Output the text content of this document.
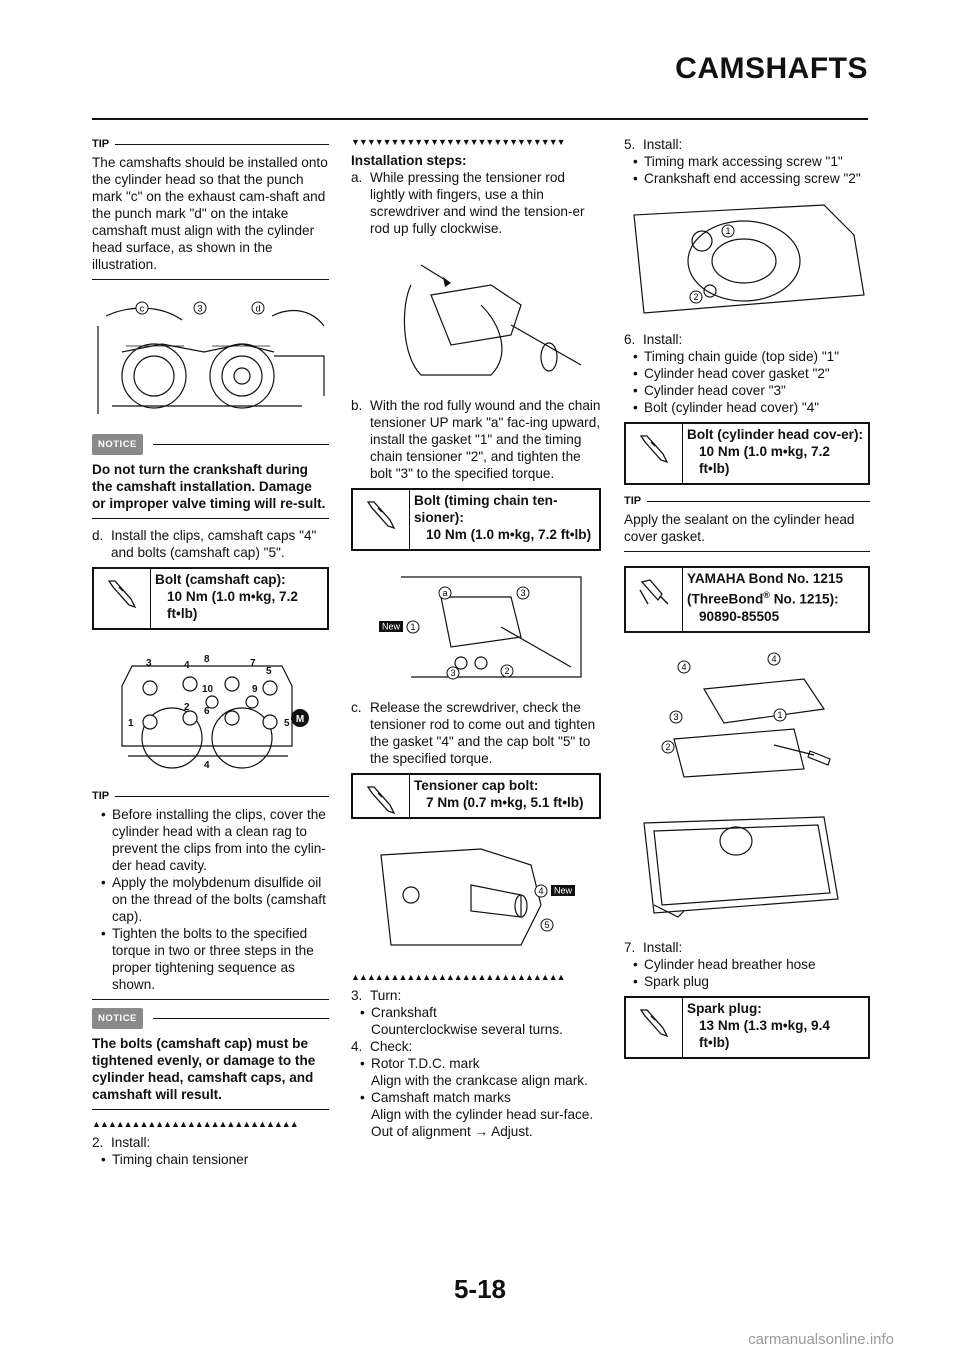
CAMSHAFTS
TIP
The camshafts should be installed onto the cylinder head so that the punch mark "c" on the exhaust cam-shaft and the punch mark "d" on the intake camshaft must align with the cylinder head surface, as shown in the illustration.
c	3	d
NOTICE
Do not turn the crankshaft during the camshaft installation. Damage or improper valve timing will re-sult.
d. Install the clips, camshaft caps "4" and bolts (camshaft cap) "5".
Bolt (camshaft cap):
10 Nm (1.0 m•kg, 7.2 ft•lb)
3	4
8	7
5
10	9
2 6
1	5
4
M
TIP
• Before installing the clips, cover the cylinder head with a clean rag to prevent the clips from into the cylin-der head cavity.
• Apply the molybdenum disulfide oil on the thread of the bolts (camshaft cap).
• Tighten the bolts to the specified torque in two or three steps in the proper tightening sequence as shown.
NOTICE
The bolts (camshaft cap) must be tightened evenly, or damage to the cylinder head, camshaft caps, and camshaft will result.
▲▲▲▲▲▲▲▲▲▲▲▲▲▲▲▲▲▲▲▲▲▲▲▲▲▲
2. Install:
• Timing chain tensioner
▼▼▼▼▼▼▼▼▼▼▼▼▼▼▼▼▼▼▼▼▼▼▼▼▼▼▼
Installation steps:
a. While pressing the tensioner rod lightly with fingers, use a thin screwdriver and wind the tension-er rod up fully clockwise.
b. With the rod fully wound and the chain tensioner UP mark "a" fac-ing upward, install the gasket "1" and the timing chain tensioner "2", and tighten the bolt "3" to the specified torque.
Bolt (timing chain ten-sioner):
10 Nm (1.0 m•kg, 7.2 ft•lb)
a	3
New 1
3	2
c. Release the screwdriver, check the tensioner rod to come out and tighten the gasket "4" and the cap bolt "5" to the specified torque.
Tensioner cap bolt:
7 Nm (0.7 m•kg, 5.1 ft•lb)
4 New
5
▲▲▲▲▲▲▲▲▲▲▲▲▲▲▲▲▲▲▲▲▲▲▲▲▲▲▲
3. Turn:
• Crankshaft
Counterclockwise several turns.
4. Check:
• Rotor T.D.C. mark
Align with the crankcase align mark.
• Camshaft match marks
Align with the cylinder head sur-face.
Out of alignment → Adjust.
5. Install:
• Timing mark accessing screw "1"
• Crankshaft end accessing screw "2"
1
2
6. Install:
• Timing chain guide (top side) "1"
• Cylinder head cover gasket "2"
• Cylinder head cover "3"
• Bolt (cylinder head cover) "4"
Bolt (cylinder head cov-er):
10 Nm (1.0 m•kg, 7.2 ft•lb)
TIP
Apply the sealant on the cylinder head cover gasket.
YAMAHA Bond No. 1215 (ThreeBond® No. 1215):
90890-85505
4
4
3	1
2

7. Install:
• Cylinder head breather hose
• Spark plug
Spark plug:
13 Nm (1.3 m•kg, 9.4 ft•lb)
5-18
carmanualsonline.info
